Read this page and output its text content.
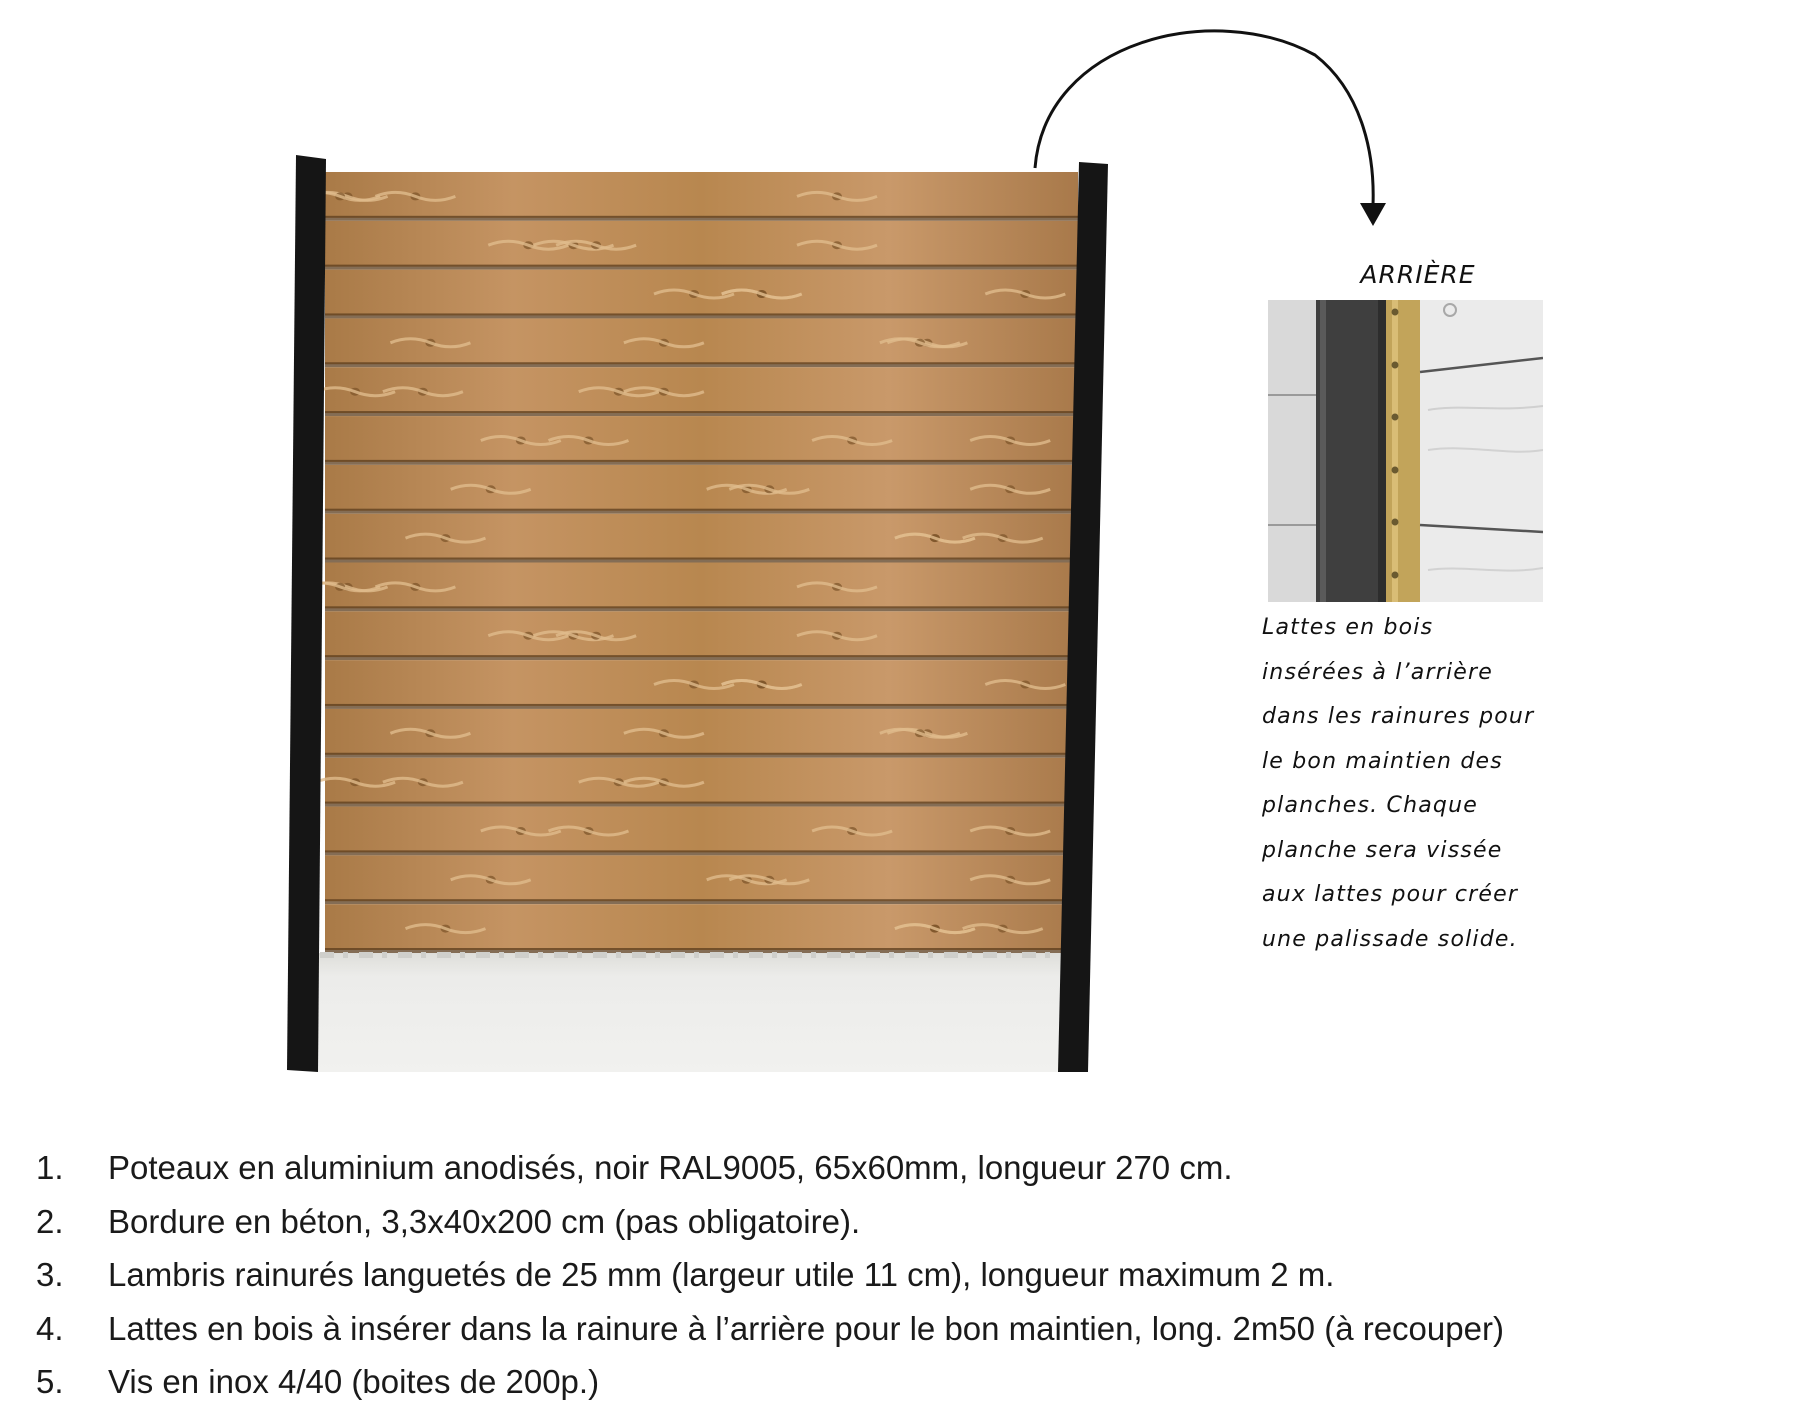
ARRIÈRE
Lattes en bois
insérées à l’arrière
dans les rainures pour
le bon maintien des
planches. Chaque
planche sera vissée
aux lattes pour créer
une palissade solide.
1. Poteaux en aluminium anodisés, noir RAL9005, 65x60mm, longueur 270 cm.
2. Bordure en béton, 3,3x40x200 cm (pas obligatoire).
3. Lambris rainurés languetés de 25 mm (largeur utile 11 cm), longueur maximum 2 m.
4. Lattes en bois à insérer dans la rainure à l’arrière pour le bon maintien, long. 2m50 (à recouper)
5. Vis en inox 4/40 (boites de 200p.)
